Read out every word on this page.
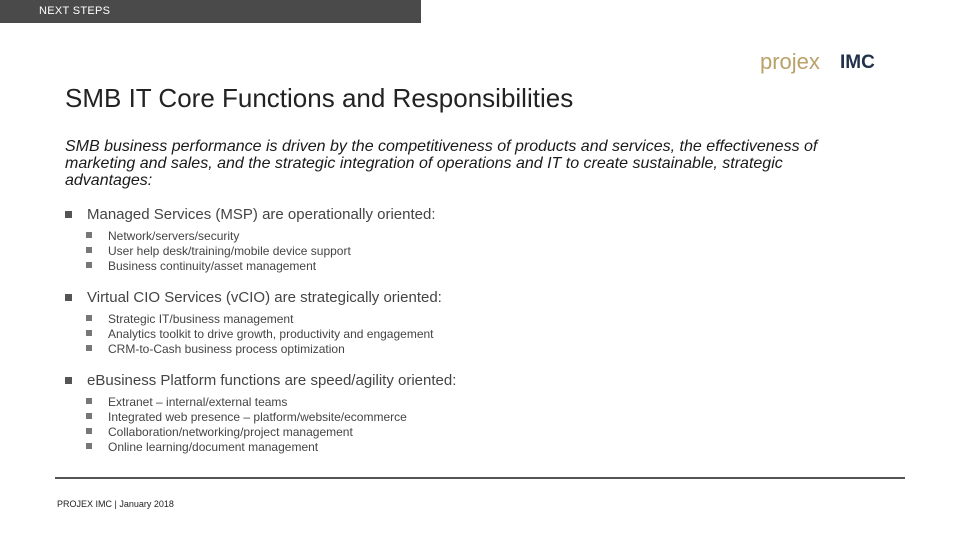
NEXT STEPS
projex IMC
SMB IT Core Functions and Responsibilities
SMB business performance is driven by the competitiveness of products and services, the effectiveness of marketing and sales, and the strategic integration of operations and IT to create sustainable, strategic advantages:
Managed Services (MSP) are operationally oriented:
Network/servers/security
User help desk/training/mobile device support
Business continuity/asset management
Virtual CIO Services (vCIO) are strategically oriented:
Strategic IT/business management
Analytics toolkit to drive growth, productivity and engagement
CRM-to-Cash business process optimization
eBusiness Platform functions are speed/agility oriented:
Extranet – internal/external teams
Integrated web presence – platform/website/ecommerce
Collaboration/networking/project management
Online learning/document management
PROJEX IMC | January 2018
